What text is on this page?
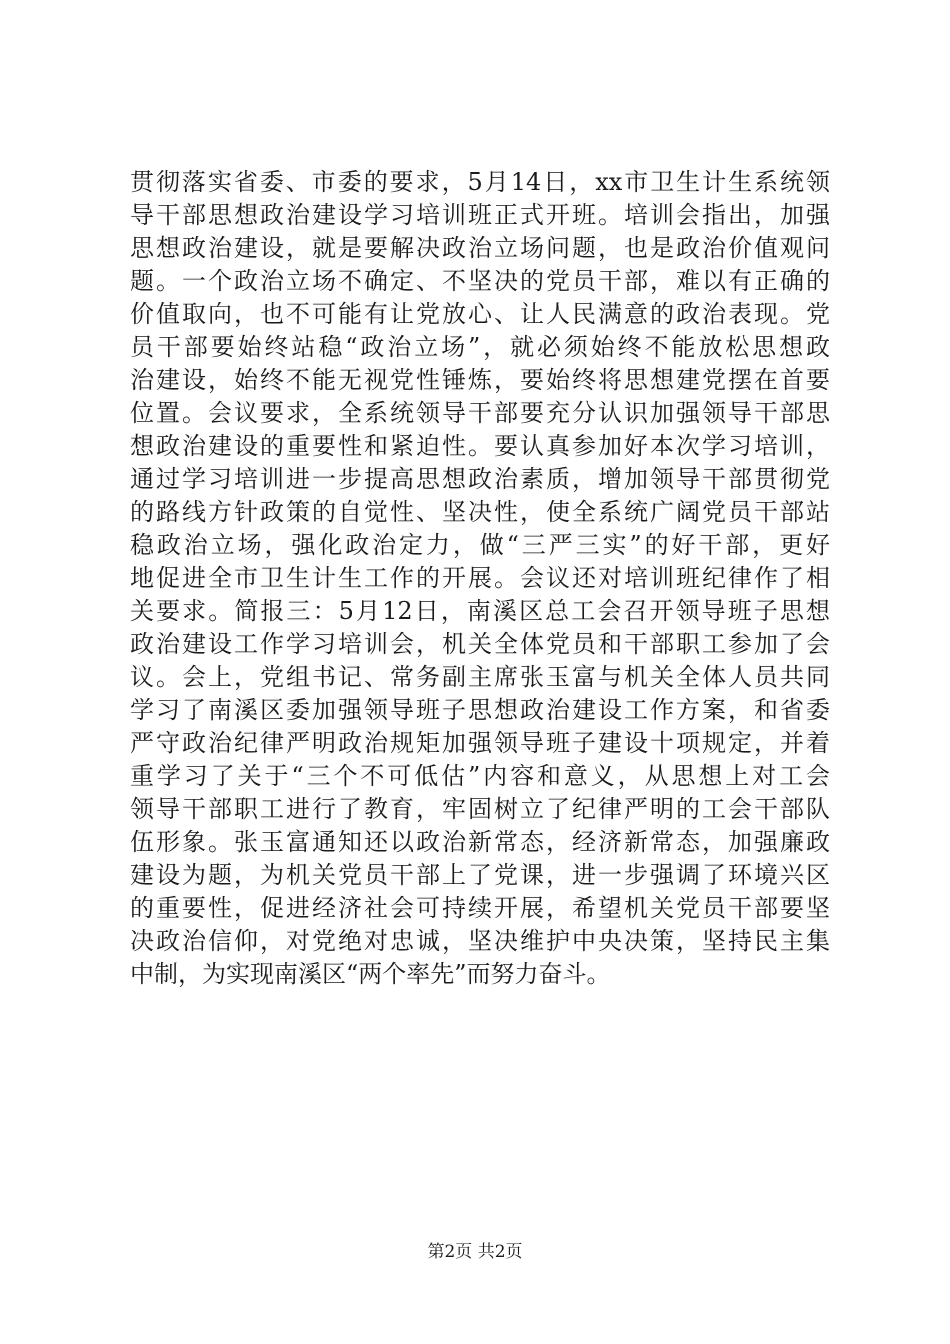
贯彻落实省委、市委的要求，5月14日，xx市卫生计生系统领
导干部思想政治建设学习培训班正式开班。培训会指出，加强
思想政治建设，就是要解决政治立场问题，也是政治价值观问
题。一个政治立场不确定、不坚决的党员干部，难以有正确的
价值取向，也不可能有让党放心、让人民满意的政治表现。党
员干部要始终站稳“政治立场”，就必须始终不能放松思想政
治建设，始终不能无视党性锤炼，要始终将思想建党摆在首要
位置。会议要求，全系统领导干部要充分认识加强领导干部思
想政治建设的重要性和紧迫性。要认真参加好本次学习培训，
通过学习培训进一步提高思想政治素质，增加领导干部贯彻党
的路线方针政策的自觉性、坚决性，使全系统广阔党员干部站
稳政治立场，强化政治定力，做“三严三实”的好干部，更好
地促进全市卫生计生工作的开展。会议还对培训班纪律作了相
关要求。简报三：5月12日，南溪区总工会召开领导班子思想
政治建设工作学习培训会，机关全体党员和干部职工参加了会
议。会上，党组书记、常务副主席张玉富与机关全体人员共同
学习了南溪区委加强领导班子思想政治建设工作方案，和省委
严守政治纪律严明政治规矩加强领导班子建设十项规定，并着
重学习了关于“三个不可低估”内容和意义，从思想上对工会
领导干部职工进行了教育，牢固树立了纪律严明的工会干部队
伍形象。张玉富通知还以政治新常态，经济新常态，加强廉政
建设为题，为机关党员干部上了党课，进一步强调了环境兴区
的重要性，促进经济社会可持续开展，希望机关党员干部要坚
决政治信仰，对党绝对忠诚，坚决维护中央决策，坚持民主集
中制，为实现南溪区“两个率先”而努力奋斗。
第2页 共2页
